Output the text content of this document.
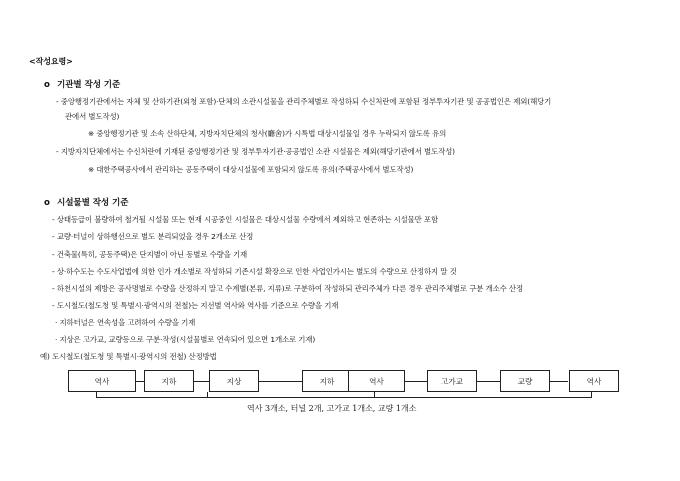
<작성요령>
o 기관별 작성 기준
- 중앙행정기관에서는 자체 및 산하기관(외청 포함)·단체의 소관시설물을 관리주체별로 작성하되 수신처란에 포함된 정부투자기관 및 공공법인은 제외(해당기
관에서 별도작성)
※ 중앙행정기관 및 소속 산하단체, 지방자치단체의 청사(廳舍)가 시특법 대상시설물일 경우 누락되지 않도록 유의
- 지방자치단체에서는 수신처란에 기재된 중앙행정기관 및 정부투자기관·공공법인 소관 시설물은 제외(해당기관에서 별도작성)
※ 대한주택공사에서 관리하는 공동주택이 대상시설물에 포함되지 않도록 유의(주택공사에서 별도작성)
o 시설물별 작성 기준
- 상태등급이 불량하여 철거될 시설물 또는 현재 시공중인 시설물은 대상시설물 수량에서 제외하고 현존하는 시설물만 포함
- 교량·터널이 상하행선으로 별도 분리되었을 경우 2개소로 산정
- 건축물(특히, 공동주택)은 단지별이 아닌 동별로 수량을 기재
- 상·하수도는 수도사업법에 의한 인가 개소별로 작성하되 기존시설 확장으로 인한 사업인가시는 별도의 수량으로 산정하지 말 것
- 하천시설의 제방은 공사명별로 수량을 산정하지 말고 수계별(본류, 지류)로 구분하여 작성하되 관리주체가 다른 경우 관리주체별로 구분 개소수 산정
- 도시철도(철도청 및 특별시·광역시의 전철)는 지선별 역사와 역사를 기준으로 수량을 기재
· 지하터널은 연속성을 고려하여 수량을 기재
· 지상은 고가교, 교량등으로 구분·작성(시설물별로 연속되어 있으면 1개소로 기재)
예) 도시철도(철도청 및 특별시·광역시의 전철) 산정방법
역사	지하	지상	지하	역사	고가교	교량	역사
역사 3개소, 터널 2개, 고가교 1개소, 교량 1개소
